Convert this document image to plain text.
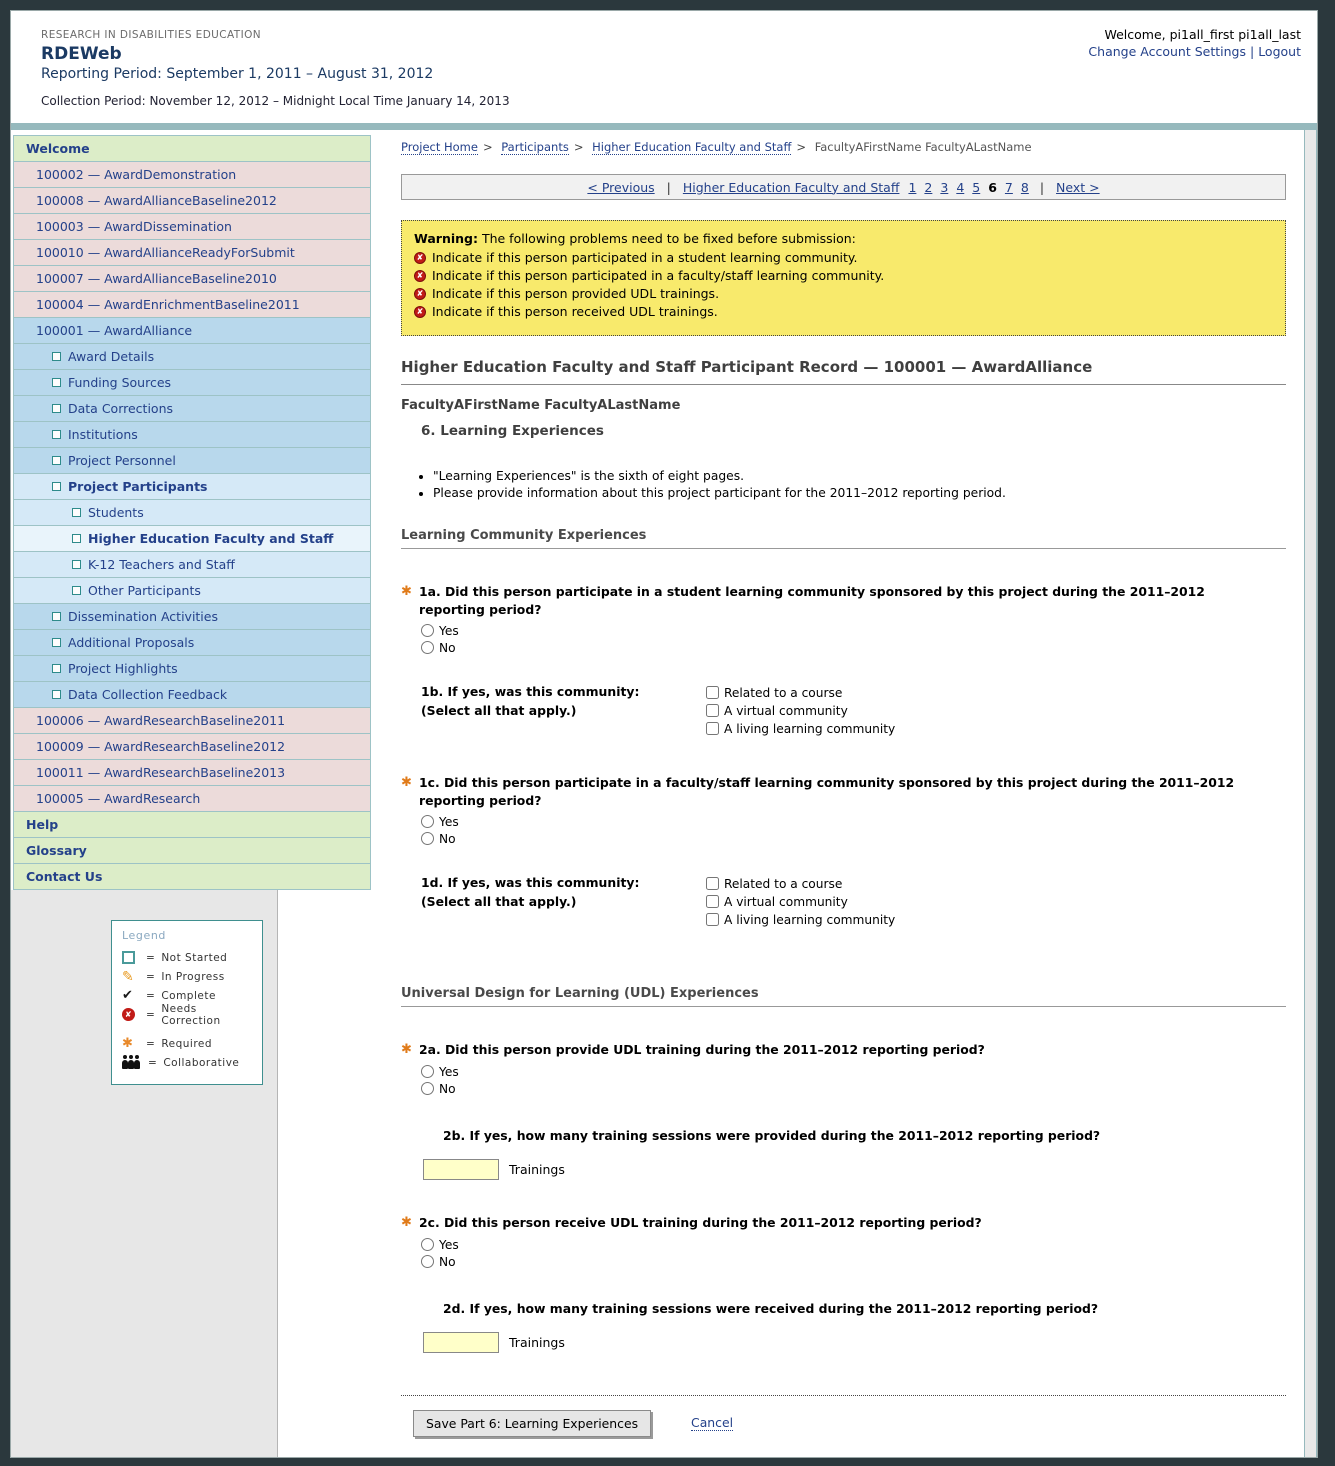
RESEARCH IN DISABILITIES EDUCATION
RDEWeb
Reporting Period: September 1, 2011 – August 31, 2012
Collection Period: November 12, 2012 – Midnight Local Time January 14, 2013
Welcome, pi1all_first pi1all_last
Change Account Settings | Logout
Welcome
100002 — AwardDemonstration
100008 — AwardAllianceBaseline2012
100003 — AwardDissemination
100010 — AwardAllianceReadyForSubmit
100007 — AwardAllianceBaseline2010
100004 — AwardEnrichmentBaseline2011
100001 — AwardAlliance
Award Details
Funding Sources
Data Corrections
Institutions
Project Personnel
Project Participants
Students
Higher Education Faculty and Staff
K-12 Teachers and Staff
Other Participants
Dissemination Activities
Additional Proposals
Project Highlights
Data Collection Feedback
100006 — AwardResearchBaseline2011
100009 — AwardResearchBaseline2012
100011 — AwardResearchBaseline2013
100005 — AwardResearch
Help
Glossary
Contact Us
Legend
= Not Started
✎
= In Progress
✔
= Complete
✘
= Needs Correction
✱
= Required
= Collaborative
Project Home > Participants > Higher Education Faculty and Staff > FacultyAFirstName FacultyALastName
< Previous | Higher Education Faculty and Staff 1 2 3 4 5 6 7 8 | Next >
Warning: The following problems need to be fixed before submission:
✘
Indicate if this person participated in a student learning community.
✘
Indicate if this person participated in a faculty/staff learning community.
✘
Indicate if this person provided UDL trainings.
✘
Indicate if this person received UDL trainings.
Higher Education Faculty and Staff Participant Record — 100001 — AwardAlliance
FacultyAFirstName FacultyALastName
6. Learning Experiences
• "Learning Experiences" is the sixth of eight pages.
• Please provide information about this project participant for the 2011–2012 reporting period.
Learning Community Experiences
✱ 1a. Did this person participate in a student learning community sponsored by this project during the 2011–2012 reporting period?
Yes
No
1b. If yes, was this community:
(Select all that apply.)
Related to a course
A virtual community
A living learning community
✱ 1c. Did this person participate in a faculty/staff learning community sponsored by this project during the 2011–2012 reporting period?
Yes
No
1d. If yes, was this community:
(Select all that apply.)
Related to a course
A virtual community
A living learning community
Universal Design for Learning (UDL) Experiences
✱ 2a. Did this person provide UDL training during the 2011–2012 reporting period?
Yes
No
2b. If yes, how many training sessions were provided during the 2011–2012 reporting period?
Trainings
✱ 2c. Did this person receive UDL training during the 2011–2012 reporting period?
Yes
No
2d. If yes, how many training sessions were received during the 2011–2012 reporting period?
Trainings
Save Part 6: Learning Experiences	Cancel
